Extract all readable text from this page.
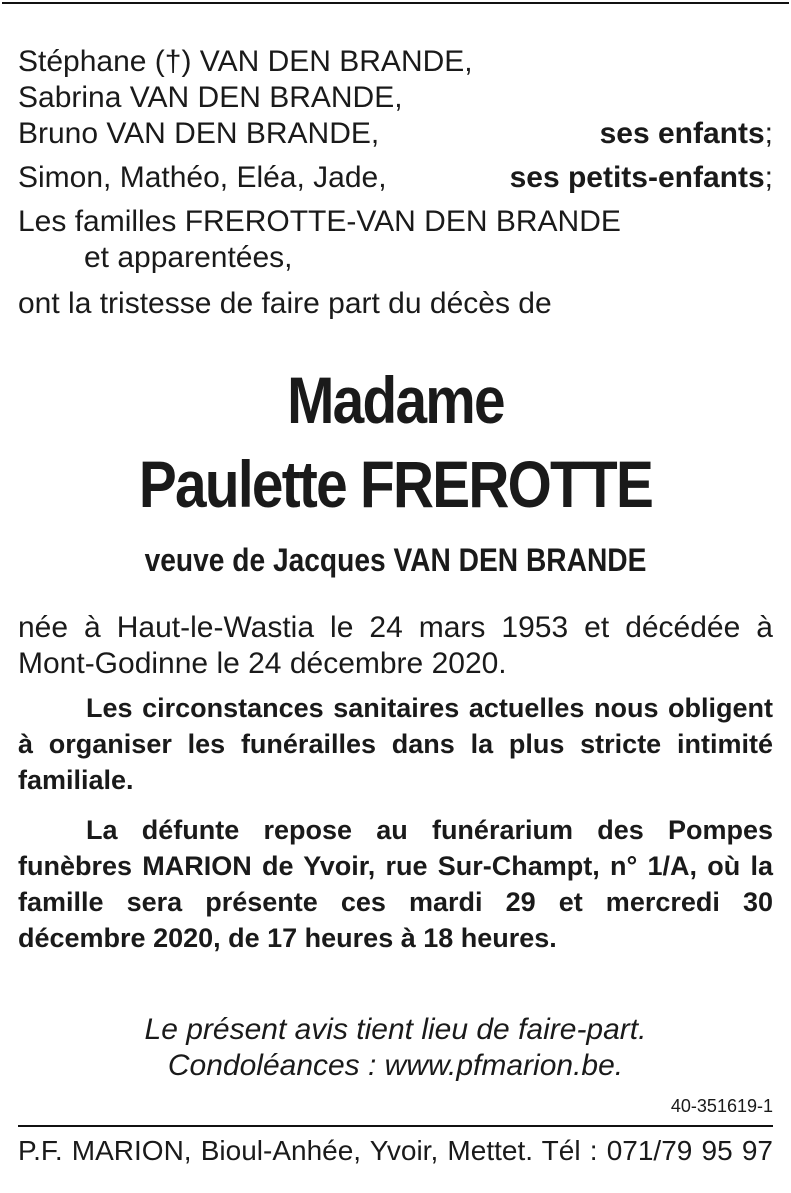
Stéphane (†) VAN DEN BRANDE,
Sabrina VAN DEN BRANDE,
Bruno VAN DEN BRANDE,	ses enfants;
Simon, Mathéo, Eléa, Jade,	ses petits-enfants;
Les familles FREROTTE-VAN DEN BRANDE
et apparentées,
ont la tristesse de faire part du décès de
Madame
Paulette FREROTTE
veuve de Jacques VAN DEN BRANDE
née à Haut-le-Wastia le 24 mars 1953 et décédée à Mont-Godinne le 24 décembre 2020.
Les circonstances sanitaires actuelles nous obligent à organiser les funérailles dans la plus stricte intimité familiale.
La défunte repose au funérarium des Pompes funèbres MARION de Yvoir, rue Sur-Champt, n° 1/A, où la famille sera présente ces mardi 29 et mercredi 30 décembre 2020, de 17 heures à 18 heures.
Le présent avis tient lieu de faire-part.
Condoléances : www.pfmarion.be.
40-351619-1
P.F. MARION, Bioul-Anhée, Yvoir, Mettet. Tél : 071/79 95 97
